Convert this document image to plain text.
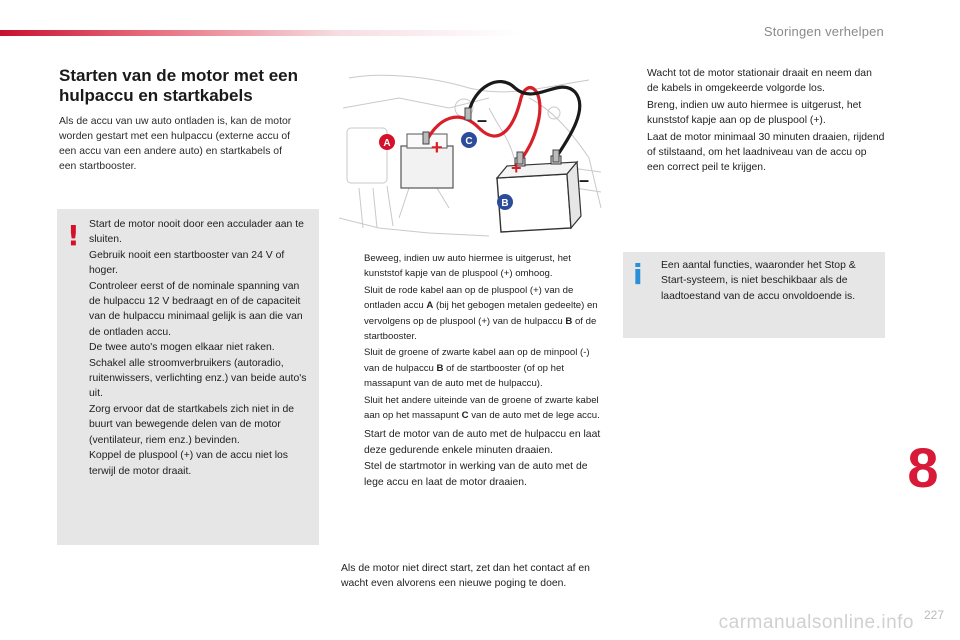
Storingen verhelpen
Starten van de motor met een hulpaccu en startkabels

Als de accu van uw auto ontladen is, kan de motor worden gestart met een hulpaccu (externe accu of een accu van een andere auto) en startkabels of een startbooster.

! Start de motor nooit door een acculader aan te sluiten.
Gebruik nooit een startbooster van 24 V of hoger.
Controleer eerst of de nominale spanning van de hulpaccu 12 V bedraagt en of de capaciteit van de hulpaccu minimaal gelijk is aan die van de ontladen accu.
De twee auto's mogen elkaar niet raken.
Schakel alle stroomverbruikers (autoradio, ruitenwissers, verlichting enz.) van beide auto's uit.
Zorg ervoor dat de startkabels zich niet in de buurt van bewegende delen van de motor (ventilateur, riem enz.) bevinden.
Koppel de pluspool (+) van de accu niet los terwijl de motor draait.
+
–
+
–
A	C
B
Beweeg, indien uw auto hiermee is uitgerust, het kunststof kapje van de pluspool (+) omhoog.
Sluit de rode kabel aan op de pluspool (+) van de ontladen accu A (bij het gebogen metalen gedeelte) en vervolgens op de pluspool (+) van de hulpaccu B of de startbooster.
Sluit de groene of zwarte kabel aan op de minpool (-) van de hulpaccu B of de startbooster (of op het massapunt van de auto met de hulpaccu).
Sluit het andere uiteinde van de groene of zwarte kabel aan op het massapunt C van de auto met de lege accu.
Start de motor van de auto met de hulpaccu en laat deze gedurende enkele minuten draaien.
Stel de startmotor in werking van de auto met de lege accu en laat de motor draaien.

Als de motor niet direct start, zet dan het contact af en wacht even alvorens een nieuwe poging te doen.

Wacht tot de motor stationair draait en neem dan de kabels in omgekeerde volgorde los.
Breng, indien uw auto hiermee is uitgerust, het kunststof kapje aan op de pluspool (+).
Laat de motor minimaal 30 minuten draaien, rijdend of stilstaand, om het laadniveau van de accu op een correct peil te krijgen.
i Een aantal functies, waaronder het Stop & Start-systeem, is niet beschikbaar als de laadtoestand van de accu onvoldoende is.

8
carmanualsonline.info 227
